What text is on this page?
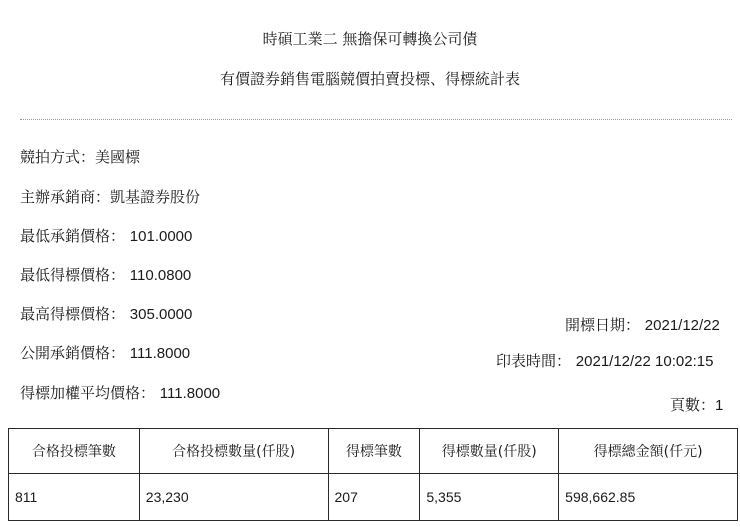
時碩工業二 無擔保可轉換公司債
有價證券銷售電腦競價拍賣投標、得標統計表
競拍方式：美國標
主辦承銷商：凱基證券股份
最低承銷價格： 101.0000
最低得標價格： 110.0800
最高得標價格： 305.0000
公開承銷價格： 111.8000
得標加權平均價格： 111.8000
開標日期： 2021/12/22
印表時間： 2021/12/22 10:02:15
頁數：1
合格投標筆數	合格投標數量(仟股)	得標筆數	得標數量(仟股)	得標總金額(仟元)
811	23,230	207	5,355	598,662.85
